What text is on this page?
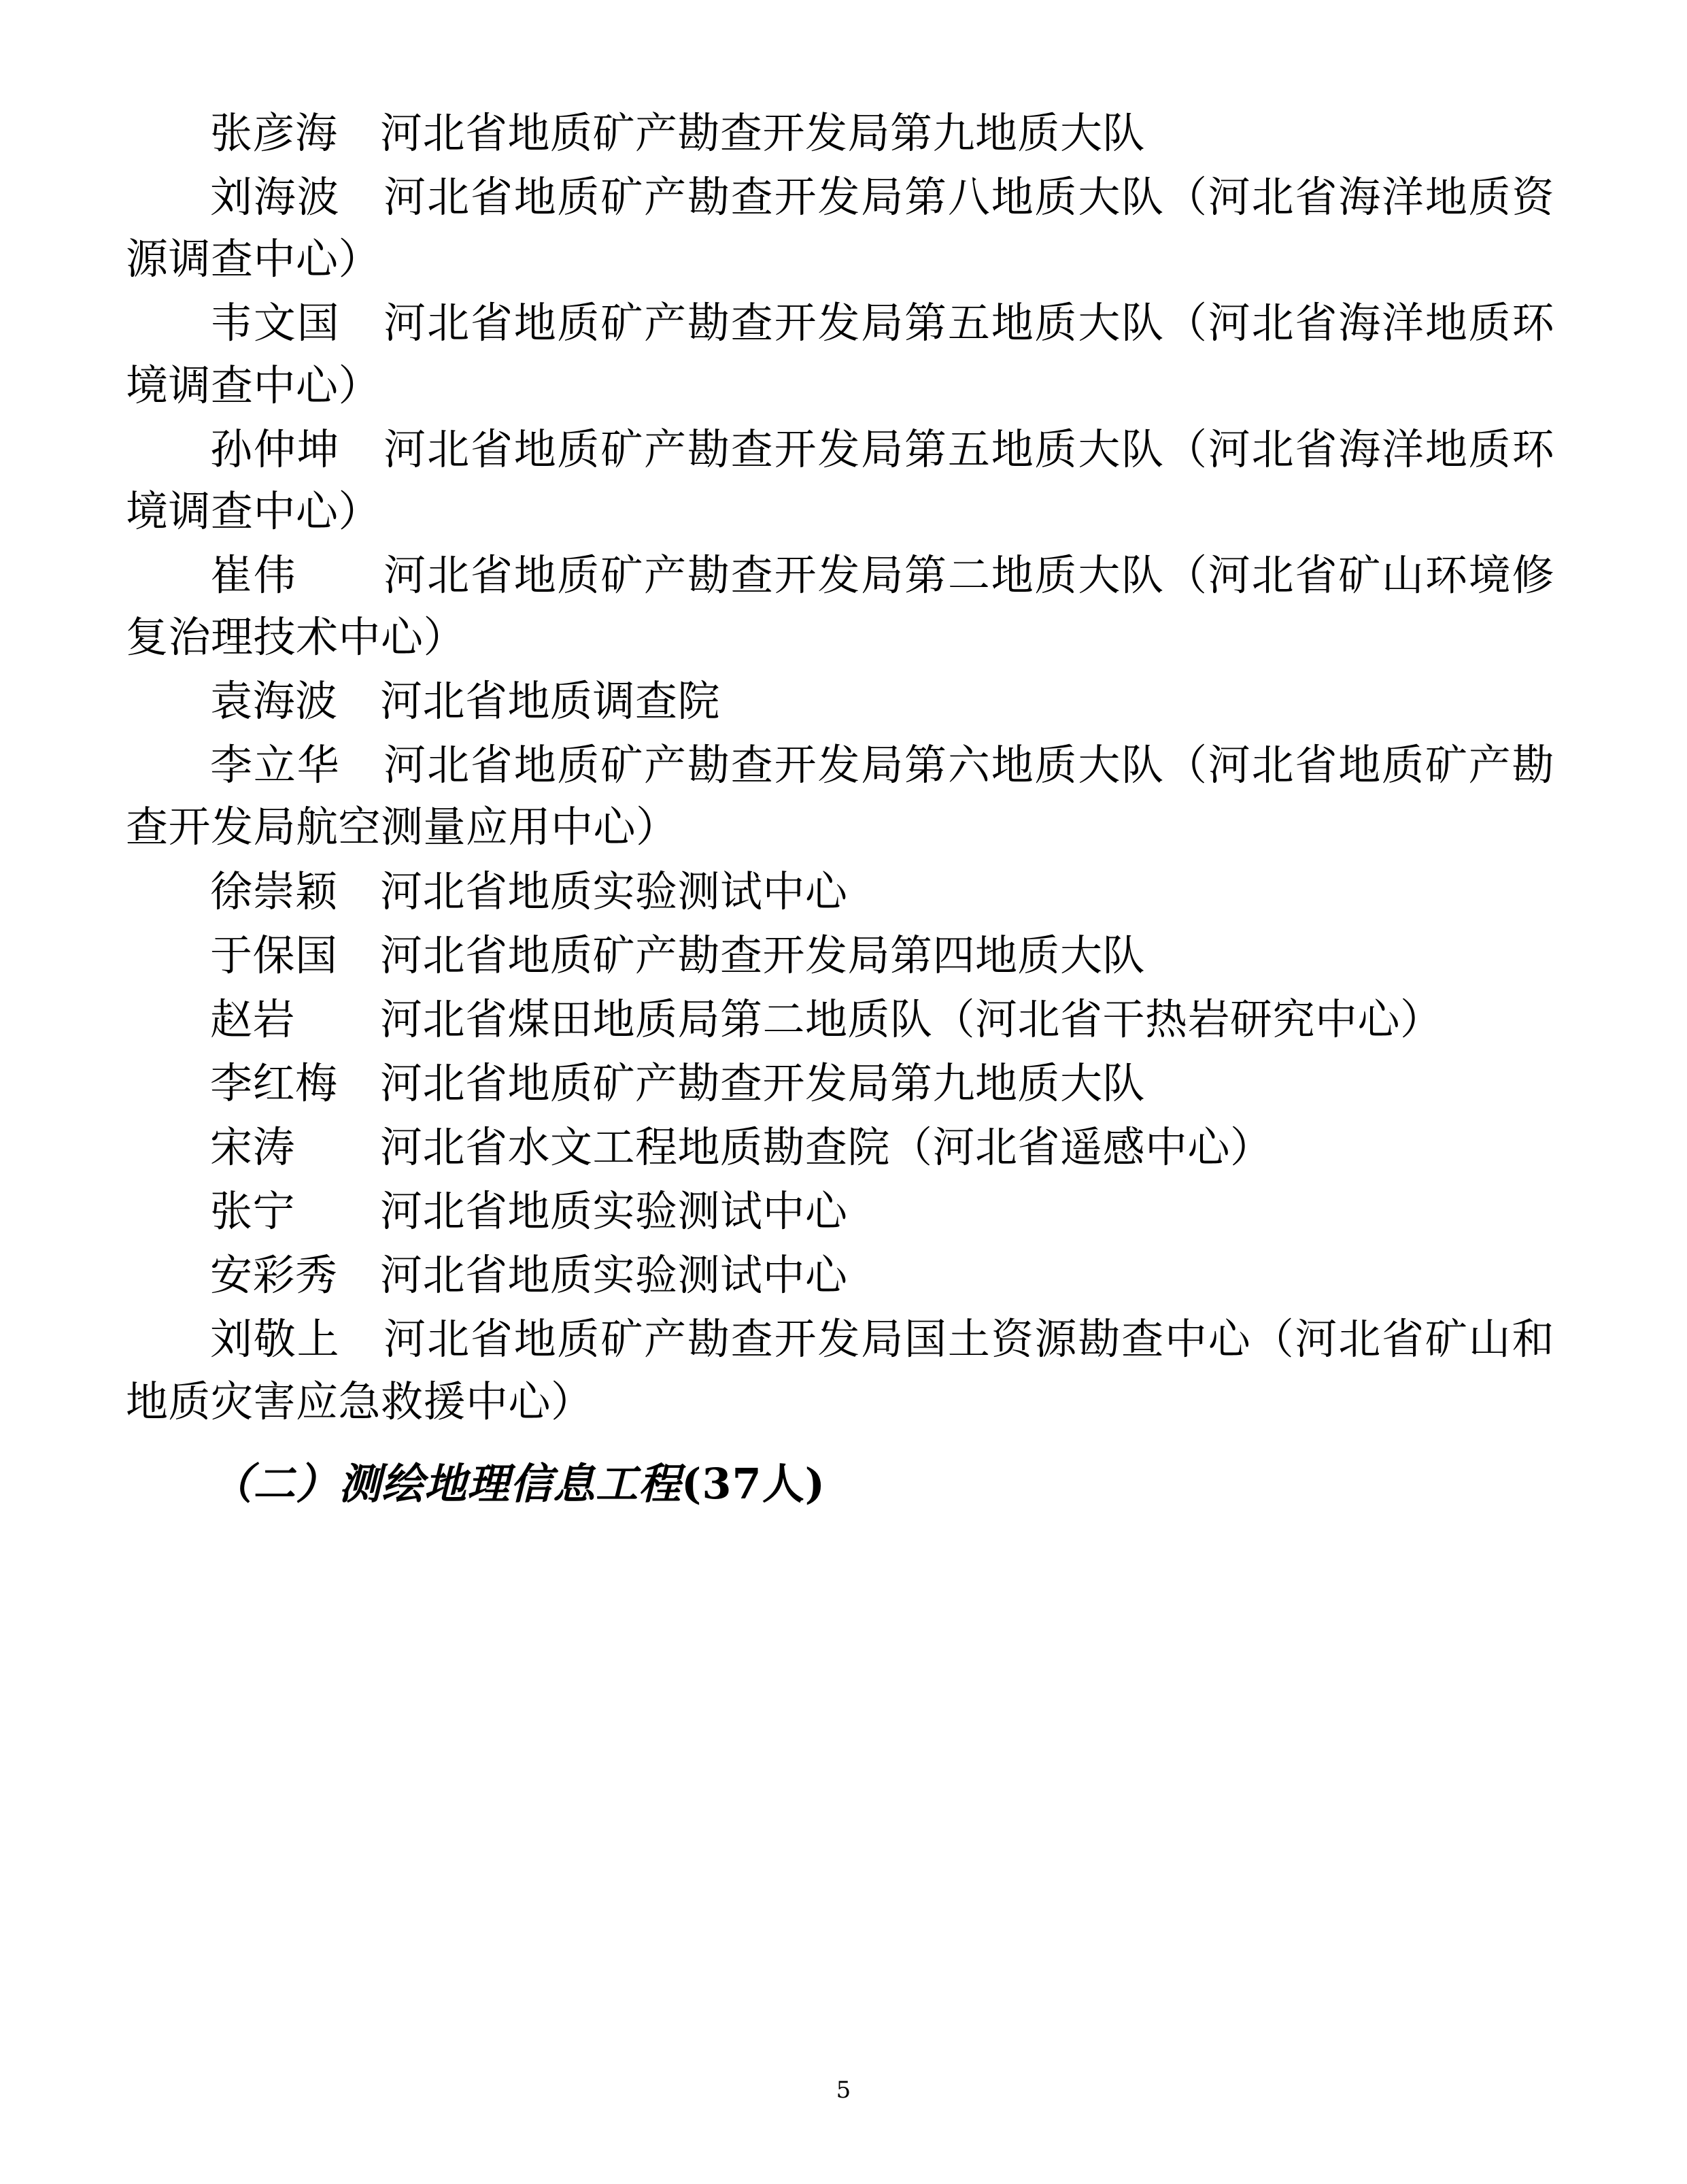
张彦海　河北省地质矿产勘查开发局第九地质大队

刘海波　河北省地质矿产勘查开发局第八地质大队（河北省海洋地质资源调查中心）

韦文国　河北省地质矿产勘查开发局第五地质大队（河北省海洋地质环境调查中心）

孙仲坤　河北省地质矿产勘查开发局第五地质大队（河北省海洋地质环境调查中心）

崔伟　　河北省地质矿产勘查开发局第二地质大队（河北省矿山环境修复治理技术中心）

袁海波　河北省地质调查院

李立华　河北省地质矿产勘查开发局第六地质大队（河北省地质矿产勘查开发局航空测量应用中心）

徐崇颖　河北省地质实验测试中心

于保国　河北省地质矿产勘查开发局第四地质大队

赵岩　　河北省煤田地质局第二地质队（河北省干热岩研究中心）

李红梅　河北省地质矿产勘查开发局第九地质大队

宋涛　　河北省水文工程地质勘查院（河北省遥感中心）

张宁　　河北省地质实验测试中心

安彩秀　河北省地质实验测试中心

刘敬上　河北省地质矿产勘查开发局国土资源勘查中心（河北省矿山和地质灾害应急救援中心）

（二）测绘地理信息工程(37人)

5
